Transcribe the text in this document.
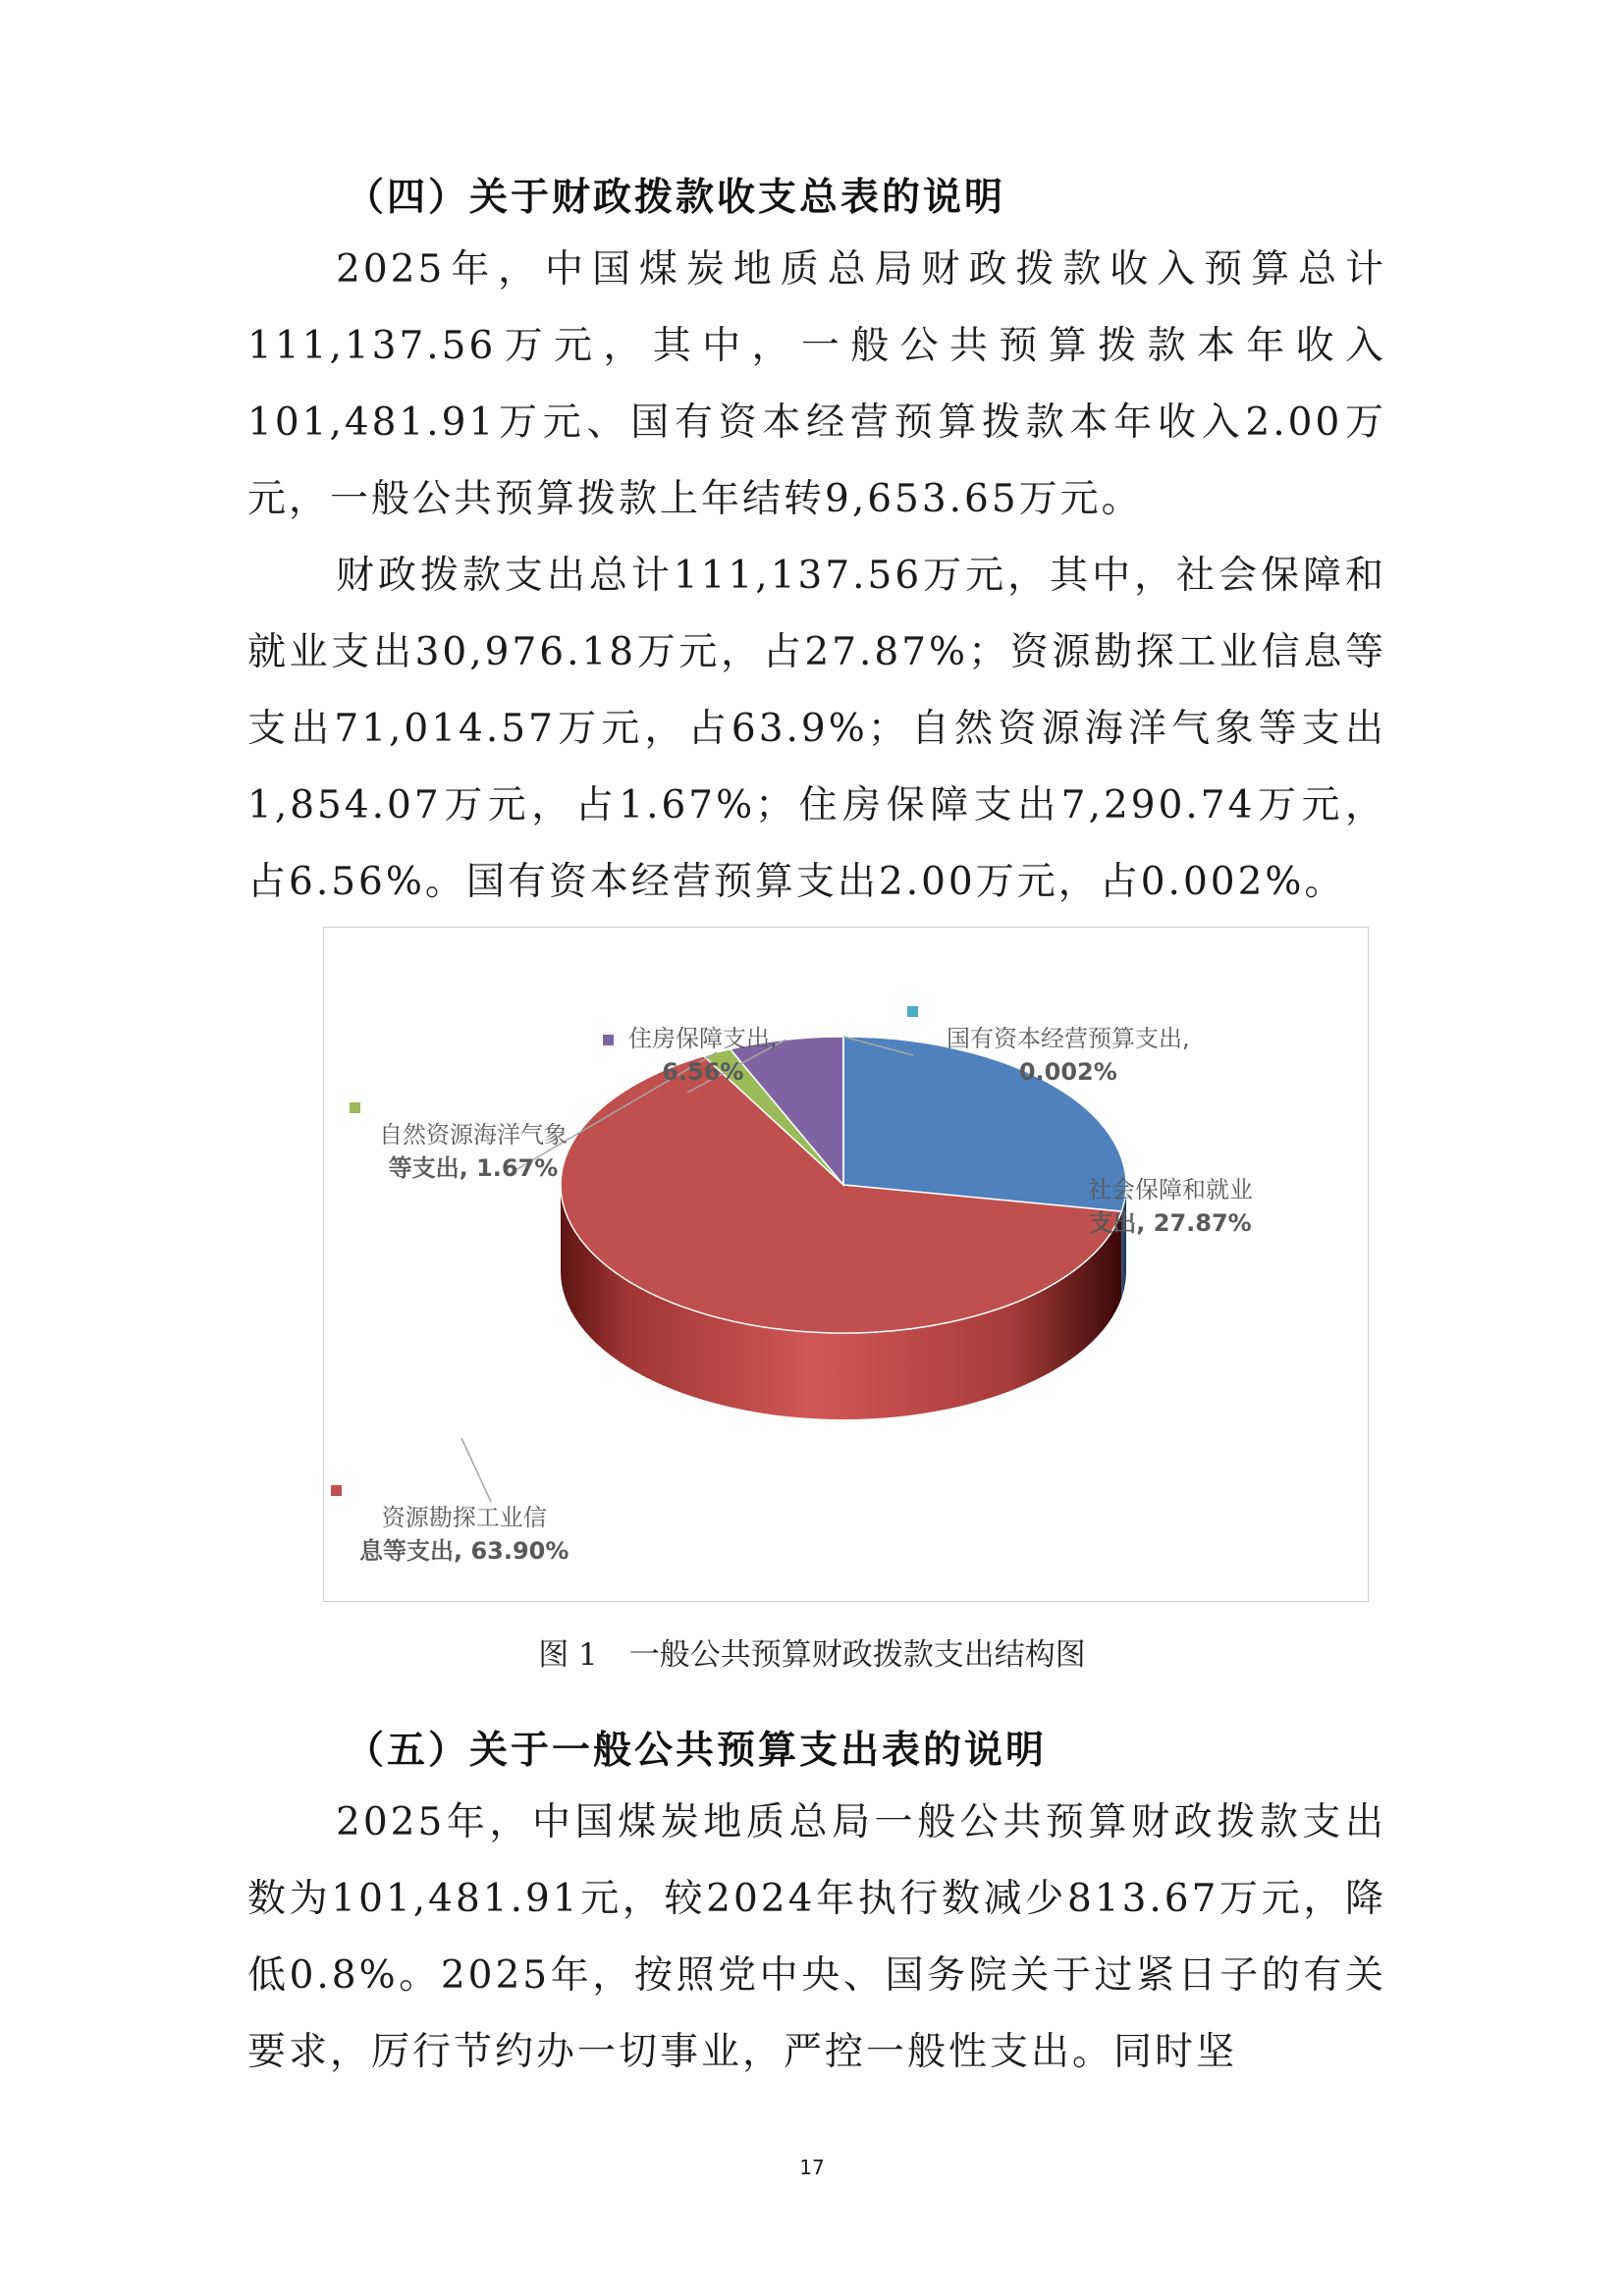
（四）关于财政拨款收支总表的说明

2025年，中国煤炭地质总局财政拨款收入预算总计111,137.56万元，其中，一般公共预算拨款本年收入101,481.91万元、国有资本经营预算拨款本年收入2.00万元，一般公共预算拨款上年结转9,653.65万元。

财政拨款支出总计111,137.56万元，其中，社会保障和就业支出30,976.18万元，占27.87%；资源勘探工业信息等支出71,014.57万元，占63.9%；自然资源海洋气象等支出1,854.07万元，占1.67%；住房保障支出7,290.74万元，占6.56%。国有资本经营预算支出2.00万元，占0.002%。

社会保障和就业
支出, 27.87%
资源勘探工业信
息等支出, 63.90%
自然资源海洋气象
等支出, 1.67%
住房保障支出,
6.56%
国有资本经营预算支出,
0.002%

图 1 一般公共预算财政拨款支出结构图

（五）关于一般公共预算支出表的说明

2025年，中国煤炭地质总局一般公共预算财政拨款支出数为101,481.91元，较2024年执行数减少813.67万元，降低0.8%。2025年，按照党中央、国务院关于过紧日子的有关要求，厉行节约办一切事业，严控一般性支出。同时坚

17
